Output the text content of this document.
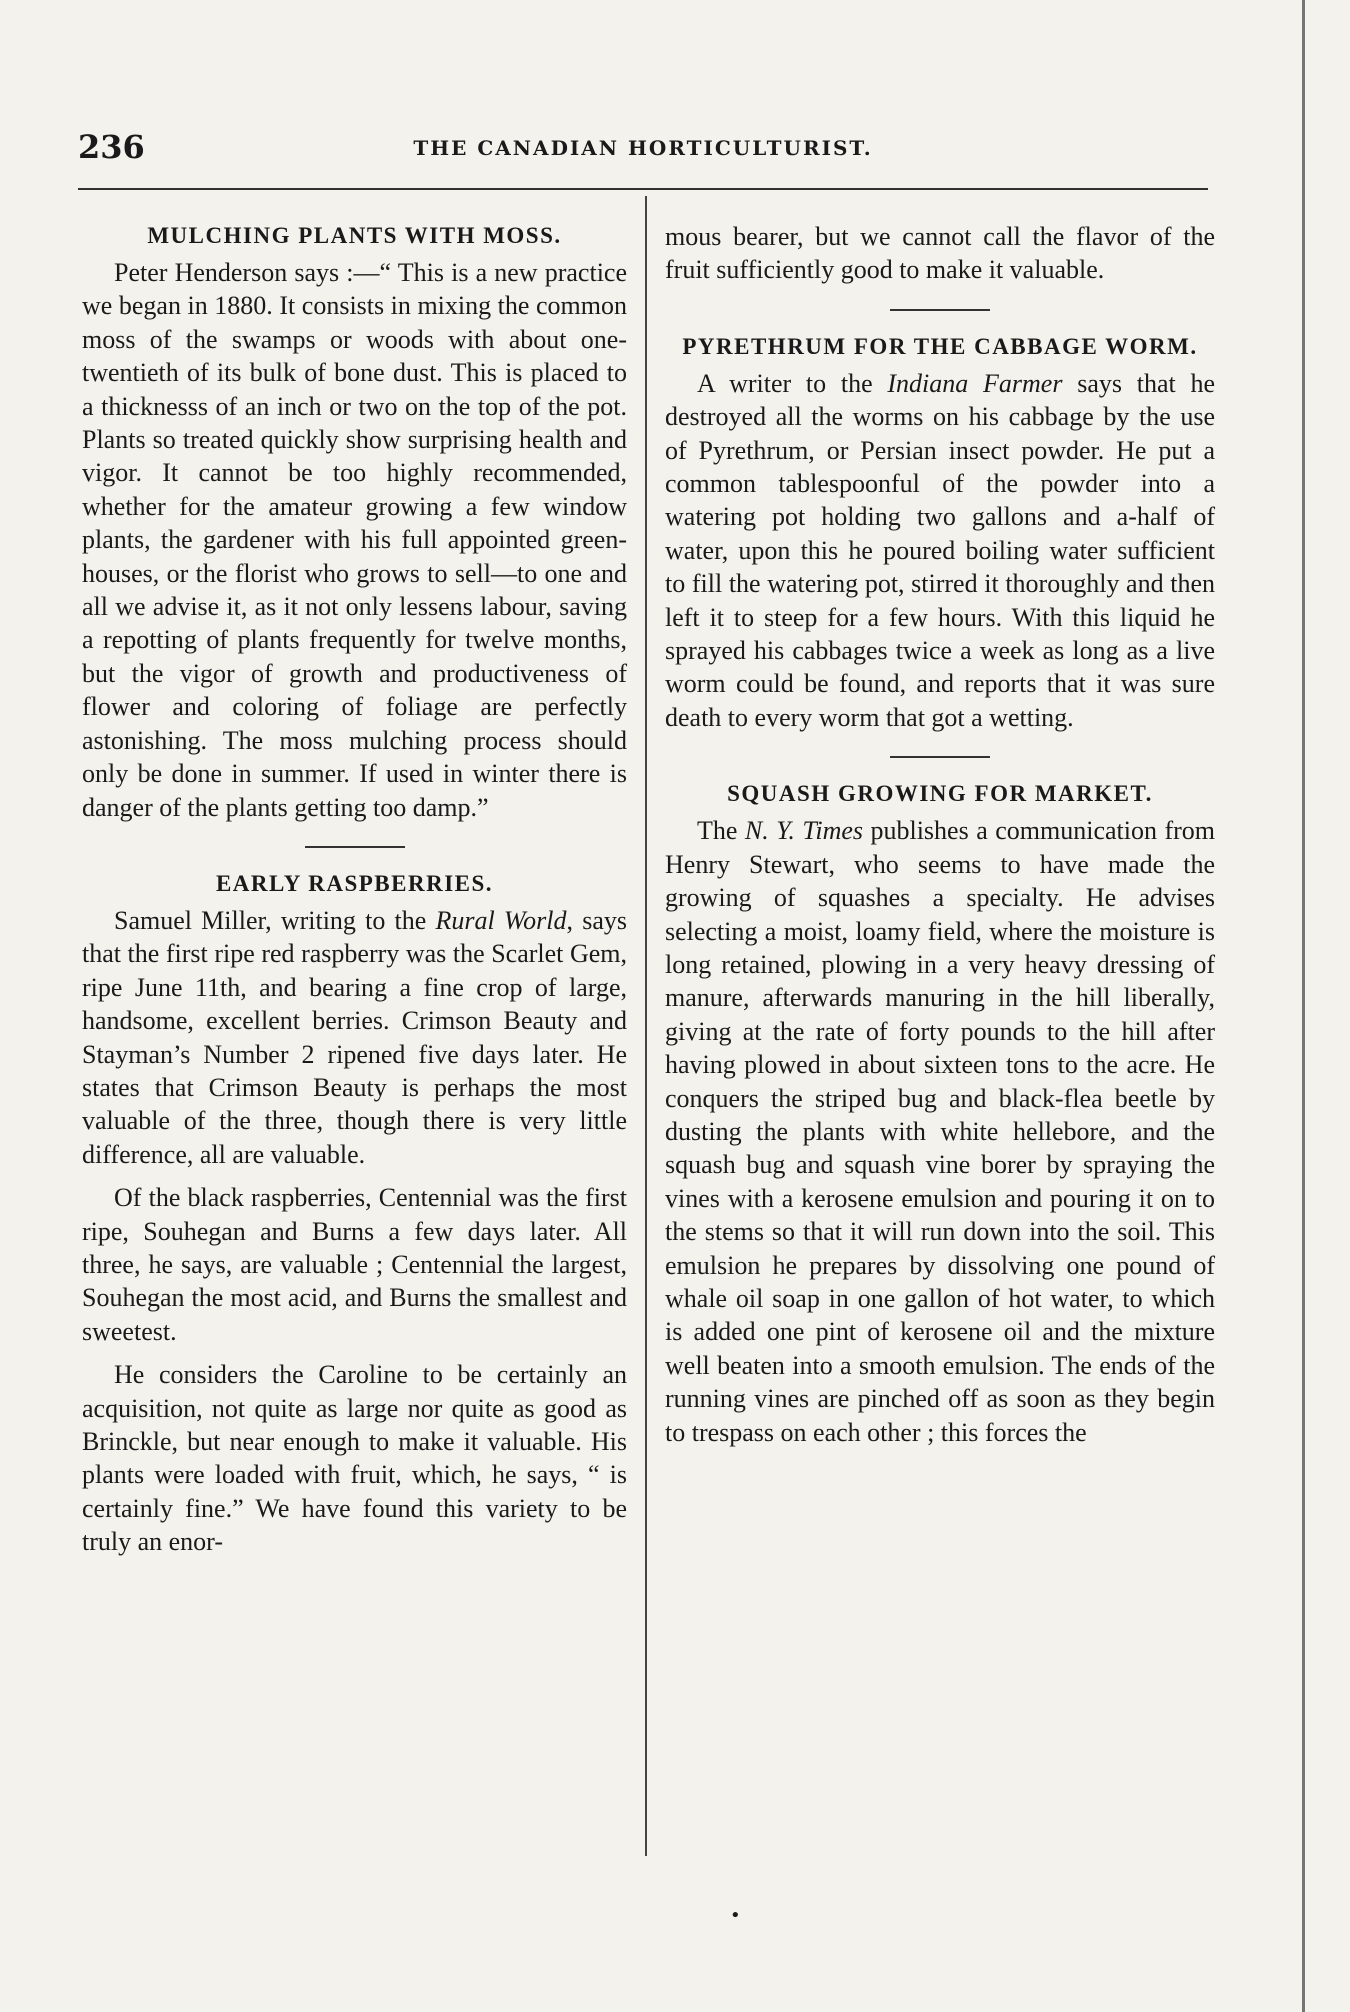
236	THE CANADIAN HORTICULTURIST.
MULCHING PLANTS WITH MOSS.

Peter Henderson says :—“ This is a new practice we began in 1880. It consists in mixing the common moss of the swamps or woods with about one-twentieth of its bulk of bone dust. This is placed to a thicknesss of an inch or two on the top of the pot. Plants so treated quickly show surprising health and vigor. It cannot be too highly recommended, whether for the amateur growing a few window plants, the gardener with his full appointed green-houses, or the florist who grows to sell—to one and all we advise it, as it not only lessens labour, saving a repotting of plants frequently for twelve months, but the vigor of growth and productiveness of flower and coloring of foliage are perfectly astonishing. The moss mulching process should only be done in summer. If used in winter there is danger of the plants getting too damp.”

EARLY RASPBERRIES.

Samuel Miller, writing to the Rural World, says that the first ripe red raspberry was the Scarlet Gem, ripe June 11th, and bearing a fine crop of large, handsome, excellent berries. Crimson Beauty and Stayman’s Number 2 ripened five days later. He states that Crimson Beauty is perhaps the most valuable of the three, though there is very little difference, all are valuable.

Of the black raspberries, Centennial was the first ripe, Souhegan and Burns a few days later. All three, he says, are valuable ; Centennial the largest, Souhegan the most acid, and Burns the smallest and sweetest.

He considers the Caroline to be certainly an acquisition, not quite as large nor quite as good as Brinckle, but near enough to make it valuable. His plants were loaded with fruit, which, he says, “ is certainly fine.” We have found this variety to be truly an enor-

mous bearer, but we cannot call the flavor of the fruit sufficiently good to make it valuable.

PYRETHRUM FOR THE CABBAGE WORM.

A writer to the Indiana Farmer says that he destroyed all the worms on his cabbage by the use of Pyrethrum, or Persian insect powder. He put a common tablespoonful of the powder into a watering pot holding two gallons and a-half of water, upon this he poured boiling water sufficient to fill the watering pot, stirred it thoroughly and then left it to steep for a few hours. With this liquid he sprayed his cabbages twice a week as long as a live worm could be found, and reports that it was sure death to every worm that got a wetting.

SQUASH GROWING FOR MARKET.

The N. Y. Times publishes a communication from Henry Stewart, who seems to have made the growing of squashes a specialty. He advises selecting a moist, loamy field, where the moisture is long retained, plowing in a very heavy dressing of manure, afterwards manuring in the hill liberally, giving at the rate of forty pounds to the hill after having plowed in about sixteen tons to the acre. He conquers the striped bug and black-flea beetle by dusting the plants with white hellebore, and the squash bug and squash vine borer by spraying the vines with a kerosene emulsion and pouring it on to the stems so that it will run down into the soil. This emulsion he prepares by dissolving one pound of whale oil soap in one gallon of hot water, to which is added one pint of kerosene oil and the mixture well beaten into a smooth emulsion. The ends of the running vines are pinched off as soon as they begin to trespass on each other ; this forces the

•
